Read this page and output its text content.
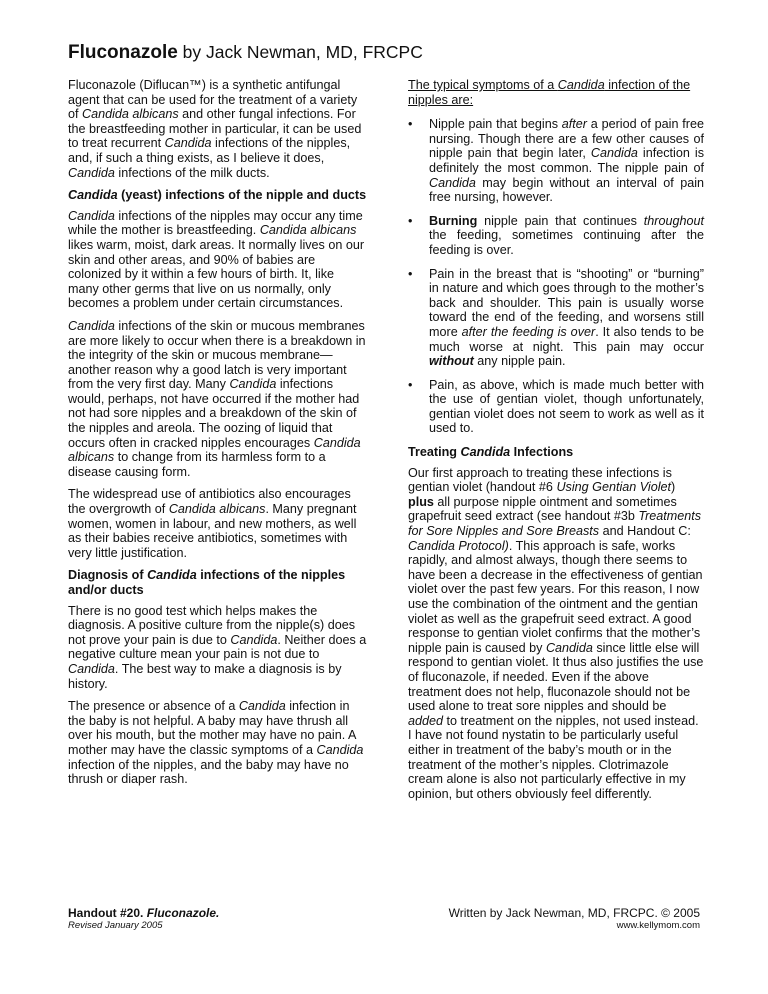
Fluconazole by Jack Newman, MD, FRCPC

Fluconazole (Diflucan™) is a synthetic antifungal agent that can be used for the treatment of a variety of Candida albicans and other fungal infections. For the breastfeeding mother in particular, it can be used to treat recurrent Candida infections of the nipples, and, if such a thing exists, as I believe it does, Candida infections of the milk ducts.

Candida (yeast) infections of the nipple and ducts

Candida infections of the nipples may occur any time while the mother is breastfeeding. Candida albicans likes warm, moist, dark areas. It normally lives on our skin and other areas, and 90% of babies are colonized by it within a few hours of birth. It, like many other germs that live on us normally, only becomes a problem under certain circumstances.

Candida infections of the skin or mucous membranes are more likely to occur when there is a breakdown in the integrity of the skin or mucous membrane—another reason why a good latch is very important from the very first day. Many Candida infections would, perhaps, not have occurred if the mother had not had sore nipples and a breakdown of the skin of the nipples and areola. The oozing of liquid that occurs often in cracked nipples encourages Candida albicans to change from its harmless form to a disease causing form.

The widespread use of antibiotics also encourages the overgrowth of Candida albicans. Many pregnant women, women in labour, and new mothers, as well as their babies receive antibiotics, sometimes with very little justification.

Diagnosis of Candida infections of the nipples and/or ducts

There is no good test which helps makes the diagnosis. A positive culture from the nipple(s) does not prove your pain is due to Candida. Neither does a negative culture mean your pain is not due to Candida. The best way to make a diagnosis is by history.

The presence or absence of a Candida infection in the baby is not helpful. A baby may have thrush all over his mouth, but the mother may have no pain. A mother may have the classic symptoms of a Candida infection of the nipples, and the baby may have no thrush or diaper rash.

The typical symptoms of a Candida infection of the nipples are:

• Nipple pain that begins after a period of pain free nursing. Though there are a few other causes of nipple pain that begin later, Candida infection is definitely the most common. The nipple pain of Candida may begin without an interval of pain free nursing, however.
• Burning nipple pain that continues throughout the feeding, sometimes continuing after the feeding is over.
• Pain in the breast that is “shooting” or “burning” in nature and which goes through to the mother’s back and shoulder. This pain is usually worse toward the end of the feeding, and worsens still more after the feeding is over. It also tends to be much worse at night. This pain may occur without any nipple pain.
• Pain, as above, which is made much better with the use of gentian violet, though unfortunately, gentian violet does not seem to work as well as it used to.
Treating Candida Infections

Our first approach to treating these infections is gentian violet (handout #6 Using Gentian Violet) plus all purpose nipple ointment and sometimes grapefruit seed extract (see handout #3b Treatments for Sore Nipples and Sore Breasts and Handout C: Candida Protocol). This approach is safe, works rapidly, and almost always, though there seems to have been a decrease in the effectiveness of gentian violet over the past few years. For this reason, I now use the combination of the ointment and the gentian violet as well as the grapefruit seed extract. A good response to gentian violet confirms that the mother’s nipple pain is caused by Candida since little else will respond to gentian violet. It thus also justifies the use of fluconazole, if needed. Even if the above treatment does not help, fluconazole should not be used alone to treat sore nipples and should be added to treatment on the nipples, not used instead. I have not found nystatin to be particularly useful either in treatment of the baby’s mouth or in the treatment of the mother’s nipples. Clotrimazole cream alone is also not particularly effective in my opinion, but others obviously feel differently.

Handout #20. Fluconazole.
Revised January 2005
Written by Jack Newman, MD, FRCPC. © 2005
www.kellymom.com
